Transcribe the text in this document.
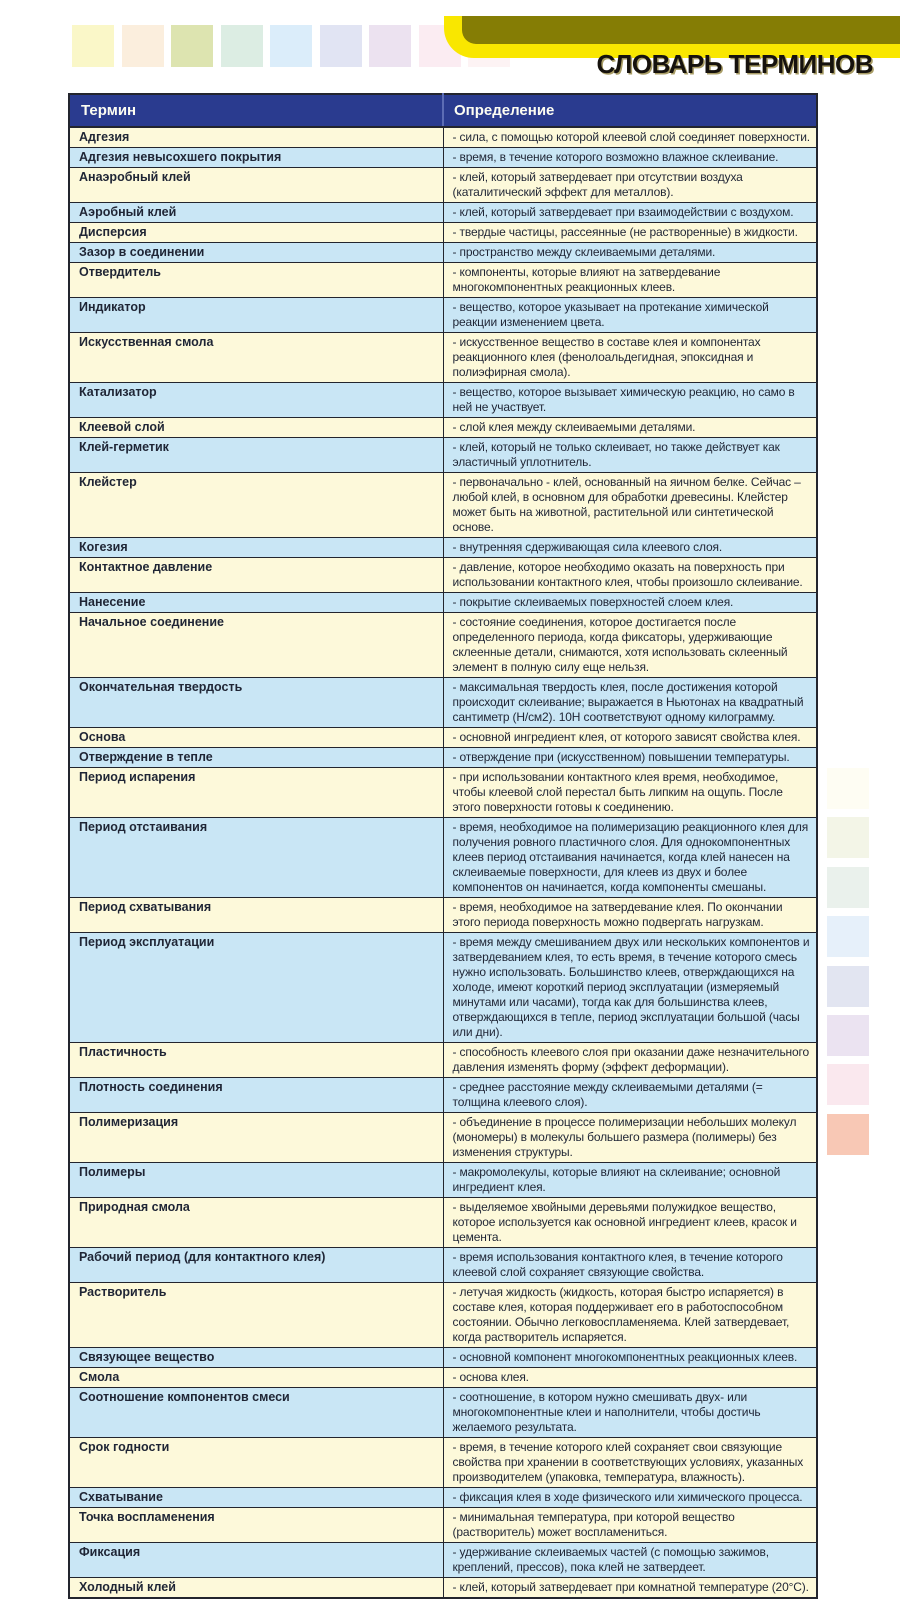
СЛОВАРЬ ТЕРМИНОВ
Термин	Определение
Адгезия	- сила, с помощью которой клеевой слой соединяет поверхности.
Адгезия невысохшего покрытия	- время, в течение которого возможно влажное склеивание.
Анаэробный клей	- клей, который затвердевает при отсутствии воздуха (каталитический эффект для металлов).
Аэробный клей	- клей, который затвердевает при взаимодействии с воздухом.
Дисперсия	- твердые частицы, рассеянные (не растворенные) в жидкости.
Зазор в соединении	- пространство между склеиваемыми деталями.
Отвердитель	- компоненты, которые влияют на затвердевание многокомпонентных реакционных клеев.
Индикатор	- вещество, которое указывает на протекание химической реакции изменением цвета.
Искусственная смола	- искусственное вещество в составе клея и компонентах реакционного клея (фенолоальдегидная, эпоксидная и полиэфирная смола).
Катализатор	- вещество, которое вызывает химическую реакцию, но само в ней не участвует.
Клеевой слой	- слой клея между склеиваемыми деталями.
Клей-герметик	- клей, который не только склеивает, но также действует как эластичный уплотнитель.
Клейстер	- первоначально - клей, основанный на яичном белке. Сейчас – любой клей, в основном для обработки древесины. Клейстер может быть на животной, растительной или синтетической основе.
Когезия	- внутренняя сдерживающая сила клеевого слоя.
Контактное давление	- давление, которое необходимо оказать на поверхность при использовании контактного клея, чтобы произошло склеивание.
Нанесение	- покрытие склеиваемых поверхностей слоем клея.
Начальное соединение	- состояние соединения, которое достигается после определенного периода, когда фиксаторы, удерживающие склеенные детали, снимаются, хотя использовать склеенный элемент в полную силу еще нельзя.
Окончательная твердость	- максимальная твердость клея, после достижения которой происходит склеивание; выражается в Ньютонах на квадратный сантиметр (Н/см2). 10Н соответствуют одному килограмму.
Основа	- основной ингредиент клея, от которого зависят свойства клея.
Отверждение в тепле	- отверждение при (искусственном) повышении температуры.
Период испарения	- при использовании контактного клея время, необходимое, чтобы клеевой слой перестал быть липким на ощупь. После этого поверхности готовы к соединению.
Период отстаивания	- время, необходимое на полимеризацию реакционного клея для получения ровного пластичного слоя. Для однокомпонентных клеев период отстаивания начинается, когда клей нанесен на склеиваемые поверхности, для клеев из двух и более компонентов он начинается, когда компоненты смешаны.
Период схватывания	- время, необходимое на затвердевание клея. По окончании этого периода поверхность можно подвергать нагрузкам.
Период эксплуатации	- время между смешиванием двух или нескольких компонентов и затвердеванием клея, то есть время, в течение которого смесь нужно использовать. Большинство клеев, отверждающихся на холоде, имеют короткий период эксплуатации (измеряемый минутами или часами), тогда как для большинства клеев, отверждающихся в тепле, период эксплуатации большой (часы или дни).
Пластичность	- способность клеевого слоя при оказании даже незначительного давления изменять форму (эффект деформации).
Плотность соединения	- среднее расстояние между склеиваемыми деталями (= толщина клеевого слоя).
Полимеризация	- объединение в процессе полимеризации небольших молекул (мономеры) в молекулы большего размера (полимеры) без изменения структуры.
Полимеры	- макромолекулы, которые влияют на склеивание; основной ингредиент клея.
Природная смола	- выделяемое хвойными деревьями полужидкое вещество, которое используется как основной ингредиент клеев, красок и цемента.
Рабочий период (для контактного клея)	- время использования контактного клея, в течение которого клеевой слой сохраняет связующие свойства.
Растворитель	- летучая жидкость (жидкость, которая быстро испаряется) в составе клея, которая поддерживает его в работоспособном состоянии. Обычно легковоспламеняема. Клей затвердевает, когда растворитель испаряется.
Связующее вещество	- основной компонент многокомпонентных реакционных клеев.
Смола	- основа клея.
Соотношение компонентов смеси	- соотношение, в котором нужно смешивать двух- или многокомпонентные клеи и наполнители, чтобы достичь желаемого результата.
Срок годности	- время, в течение которого клей сохраняет свои связующие свойства при хранении в соответствующих условиях, указанных производителем (упаковка, температура, влажность).
Схватывание	- фиксация клея в ходе физического или химического процесса.
Точка воспламенения	- минимальная температура, при которой вещество (растворитель) может воспламениться.
Фиксация	- удерживание склеиваемых частей (с помощью зажимов, креплений, прессов), пока клей не затвердеет.
Холодный клей	- клей, который затвердевает при комнатной температуре (20°С).
